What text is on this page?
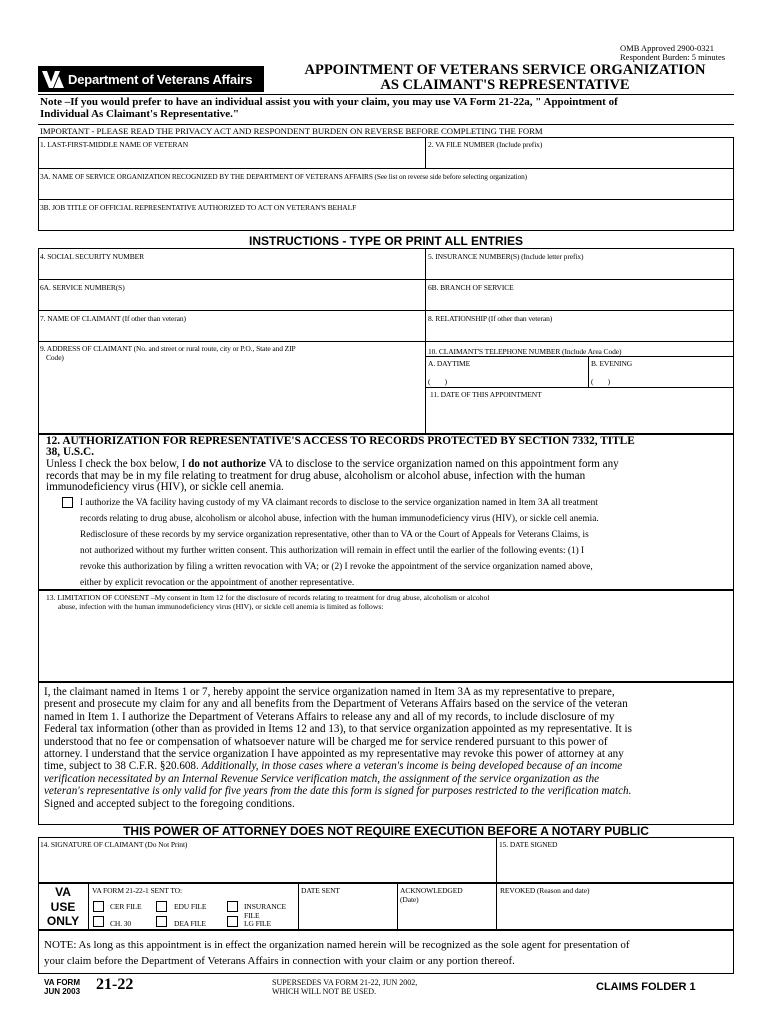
OMB Approved 2900-0321
Respondent Burden: 5 minutes
Department of Veterans Affairs
APPOINTMENT OF VETERANS SERVICE ORGANIZATION
AS CLAIMANT'S REPRESENTATIVE
Note –If you would prefer to have an individual assist you with your claim, you may use VA Form 21-22a, " Appointment of
Individual As Claimant's Representative."
IMPORTANT - PLEASE READ THE PRIVACY ACT AND RESPONDENT BURDEN ON REVERSE BEFORE COMPLETING THE FORM
1. LAST-FIRST-MIDDLE NAME OF VETERAN	2. VA FILE NUMBER (Include prefix)
3A. NAME OF SERVICE ORGANIZATION RECOGNIZED BY THE DEPARTMENT OF VETERANS AFFAIRS (See list on reverse side before selecting organization)
3B. JOB TITLE OF OFFICIAL REPRESENTATIVE AUTHORIZED TO ACT ON VETERAN'S BEHALF
INSTRUCTIONS - TYPE OR PRINT ALL ENTRIES
4. SOCIAL SECURITY NUMBER	5. INSURANCE NUMBER(S) (Include letter prefix)
6A. SERVICE NUMBER(S)	6B. BRANCH OF SERVICE
7. NAME OF CLAIMANT (If other than veteran)	8. RELATIONSHIP (If other than veteran)
9. ADDRESS OF CLAIMANT (No. and street or rural route, city or P.O., State and ZIP
Code)
10. CLAIMANT'S TELEPHONE NUMBER (Include Area Code)
A. DAYTIME	B. EVENING
(        )	(        )
11. DATE OF THIS APPOINTMENT
12. AUTHORIZATION FOR REPRESENTATIVE'S ACCESS TO RECORDS PROTECTED BY SECTION 7332, TITLE
38, U.S.C.
Unless I check the box below, I do not authorize VA to disclose to the service organization named on this appointment form any
records that may be in my file relating to treatment for drug abuse, alcoholism or alcohol abuse, infection with the human
immunodeficiency virus (HIV), or sickle cell anemia.
I authorize the VA facility having custody of my VA claimant records to disclose to the service organization named in Item 3A all treatment
records relating to drug abuse, alcoholism or alcohol abuse, infection with the human immunodeficiency virus (HIV), or sickle cell anemia.
Redisclosure of these records by my service organization representative, other than to VA or the Court of Appeals for Veterans Claims, is
not authorized without my further written consent. This authorization will remain in effect until the earlier of the following events: (1) I
revoke this authorization by filing a written revocation with VA; or (2) I revoke the appointment of the service organization named above,
either by explicit revocation or the appointment of another representative.
13. LIMITATION OF CONSENT –My consent in Item 12 for the disclosure of records relating to treatment for drug abuse, alcoholism or alcohol
abuse, infection with the human immunodeficiency virus (HIV), or sickle cell anemia is limited as follows:
I, the claimant named in Items 1 or 7, hereby appoint the service organization named in Item 3A as my representative to prepare,
present and prosecute my claim for any and all benefits from the Department of Veterans Affairs based on the service of the veteran
named in Item 1. I authorize the Department of Veterans Affairs to release any and all of my records, to include disclosure of my
Federal tax information (other than as provided in Items 12 and 13), to that service organization appointed as my representative. It is
understood that no fee or compensation of whatsoever nature will be charged me for service rendered pursuant to this power of
attorney. I understand that the service organization I have appointed as my representative may revoke this power of attorney at any
time, subject to 38 C.F.R. §20.608. Additionally, in those cases where a veteran's income is being developed because of an income
verification necessitated by an Internal Revenue Service verification match, the assignment of the service organization as the
veteran's representative is only valid for five years from the date this form is signed for purposes restricted to the verification match.
Signed and accepted subject to the foregoing conditions.
THIS POWER OF ATTORNEY DOES NOT REQUIRE EXECUTION BEFORE A NOTARY PUBLIC
14. SIGNATURE OF CLAIMANT (Do Not Print)	15. DATE SIGNED
VA
USE
ONLY
VA FORM 21-22-1 SENT TO:
CER FILE	EDU FILE	INSURANCE
FILE
CH. 30	DEA FILE	LG FILE
DATE SENT	ACKNOWLEDGED
(Date)
REVOKED (Reason and date)
NOTE: As long as this appointment is in effect the organization named herein will be recognized as the sole agent for presentation of
your claim before the Department of Veterans Affairs in connection with your claim or any portion thereof.
VA FORM
JUN 2003 21-22	SUPERSEDES VA FORM 21-22, JUN 2002,
WHICH WILL NOT BE USED.	CLAIMS FOLDER 1
